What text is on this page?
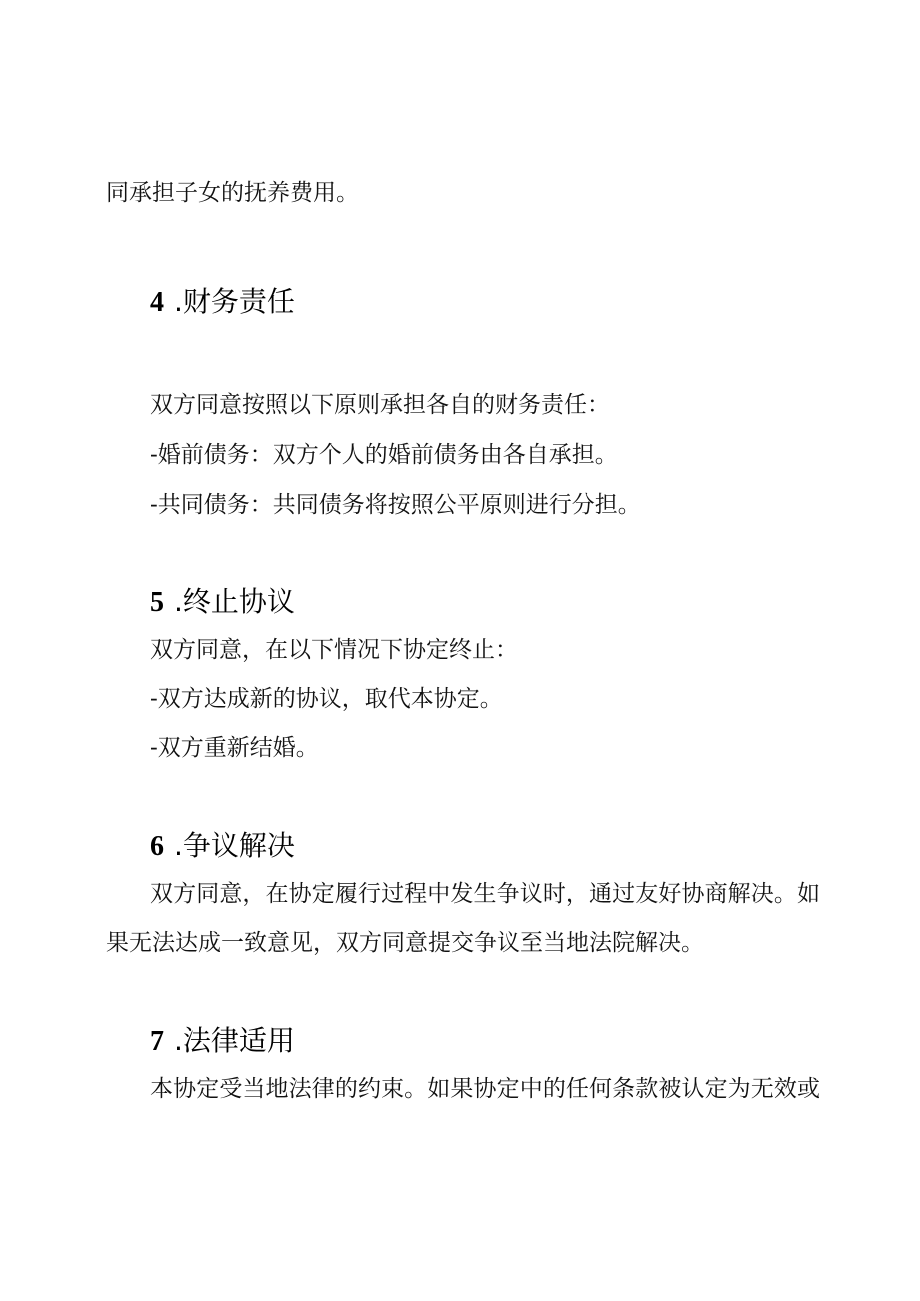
同承担子女的抚养费用。
4 .财务责任
双方同意按照以下原则承担各自的财务责任：
-婚前债务：双方个人的婚前债务由各自承担。
-共同债务：共同债务将按照公平原则进行分担。
5 .终止协议
双方同意，在以下情况下协定终止：
-双方达成新的协议，取代本协定。
-双方重新结婚。
6 .争议解决
双方同意，在协定履行过程中发生争议时，通过友好协商解决。如
果无法达成一致意见，双方同意提交争议至当地法院解决。
7 .法律适用
本协定受当地法律的约束。如果协定中的任何条款被认定为无效或
